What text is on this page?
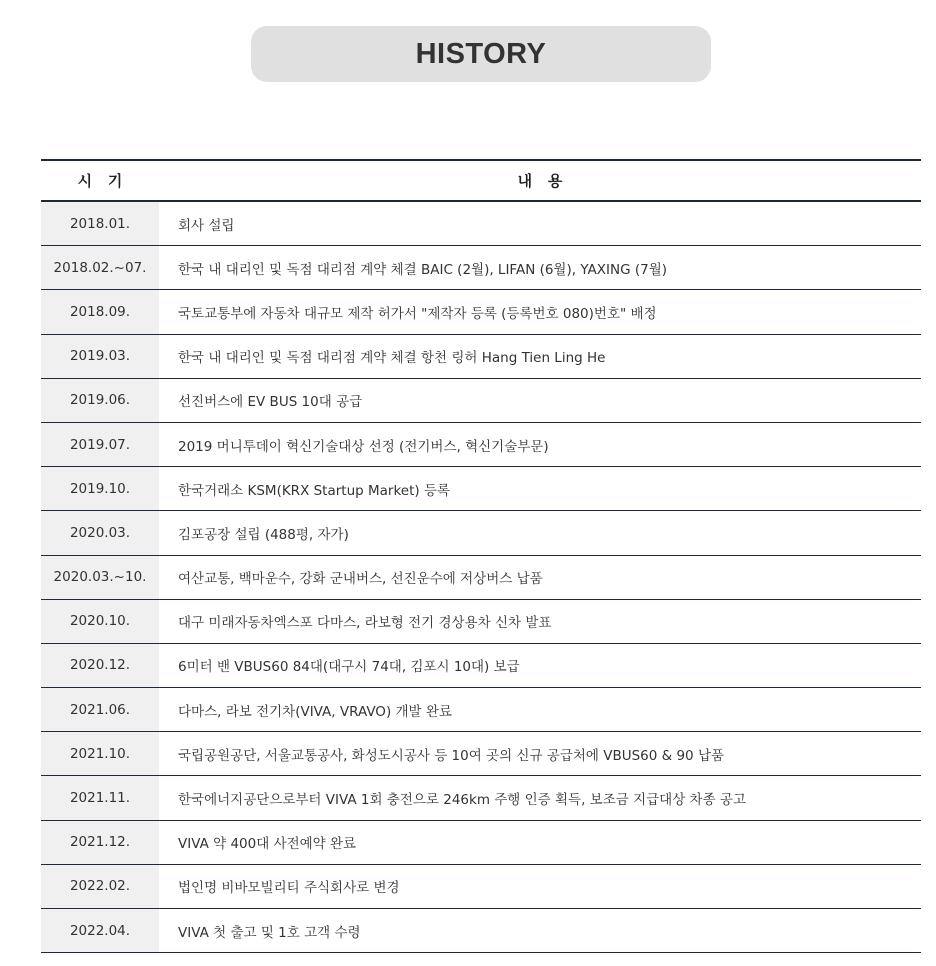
HISTORY
시   기	내   용
2018.01.	회사 설립
2018.02.~07.	한국 내 대리인 및 독점 대리점 계약 체결 BAIC (2월), LIFAN (6월), YAXING (7월)
2018.09.	국토교통부에 자동차 대규모 제작 허가서 "제작자 등록 (등록번호 080)번호" 배정
2019.03.	한국 내 대리인 및 독점 대리점 계약 체결 항천 링허 Hang Tien Ling He
2019.06.	선진버스에 EV BUS 10대 공급
2019.07.	2019 머니투데이 혁신기술대상 선정 (전기버스, 혁신기술부문)
2019.10.	한국거래소 KSM(KRX Startup Market) 등록
2020.03.	김포공장 설립 (488평, 자가)
2020.03.~10.	여산교통, 백마운수, 강화 군내버스, 선진운수에 저상버스 납품
2020.10.	대구 미래자동차엑스포 다마스, 라보형 전기 경상용차 신차 발표
2020.12.	6미터 밴 VBUS60 84대(대구시 74대, 김포시 10대) 보급
2021.06.	다마스, 라보 전기차(VIVA, VRAVO) 개발 완료
2021.10.	국립공원공단, 서울교통공사, 화성도시공사 등 10여 곳의 신규 공급처에 VBUS60 & 90 납품
2021.11.	한국에너지공단으로부터 VIVA 1회 충전으로 246km 주행 인증 획득, 보조금 지급대상 차종 공고
2021.12.	VIVA 약 400대 사전예약 완료
2022.02.	법인명 비바모빌리티 주식회사로 변경
2022.04.	VIVA 첫 출고 및 1호 고객 수령
